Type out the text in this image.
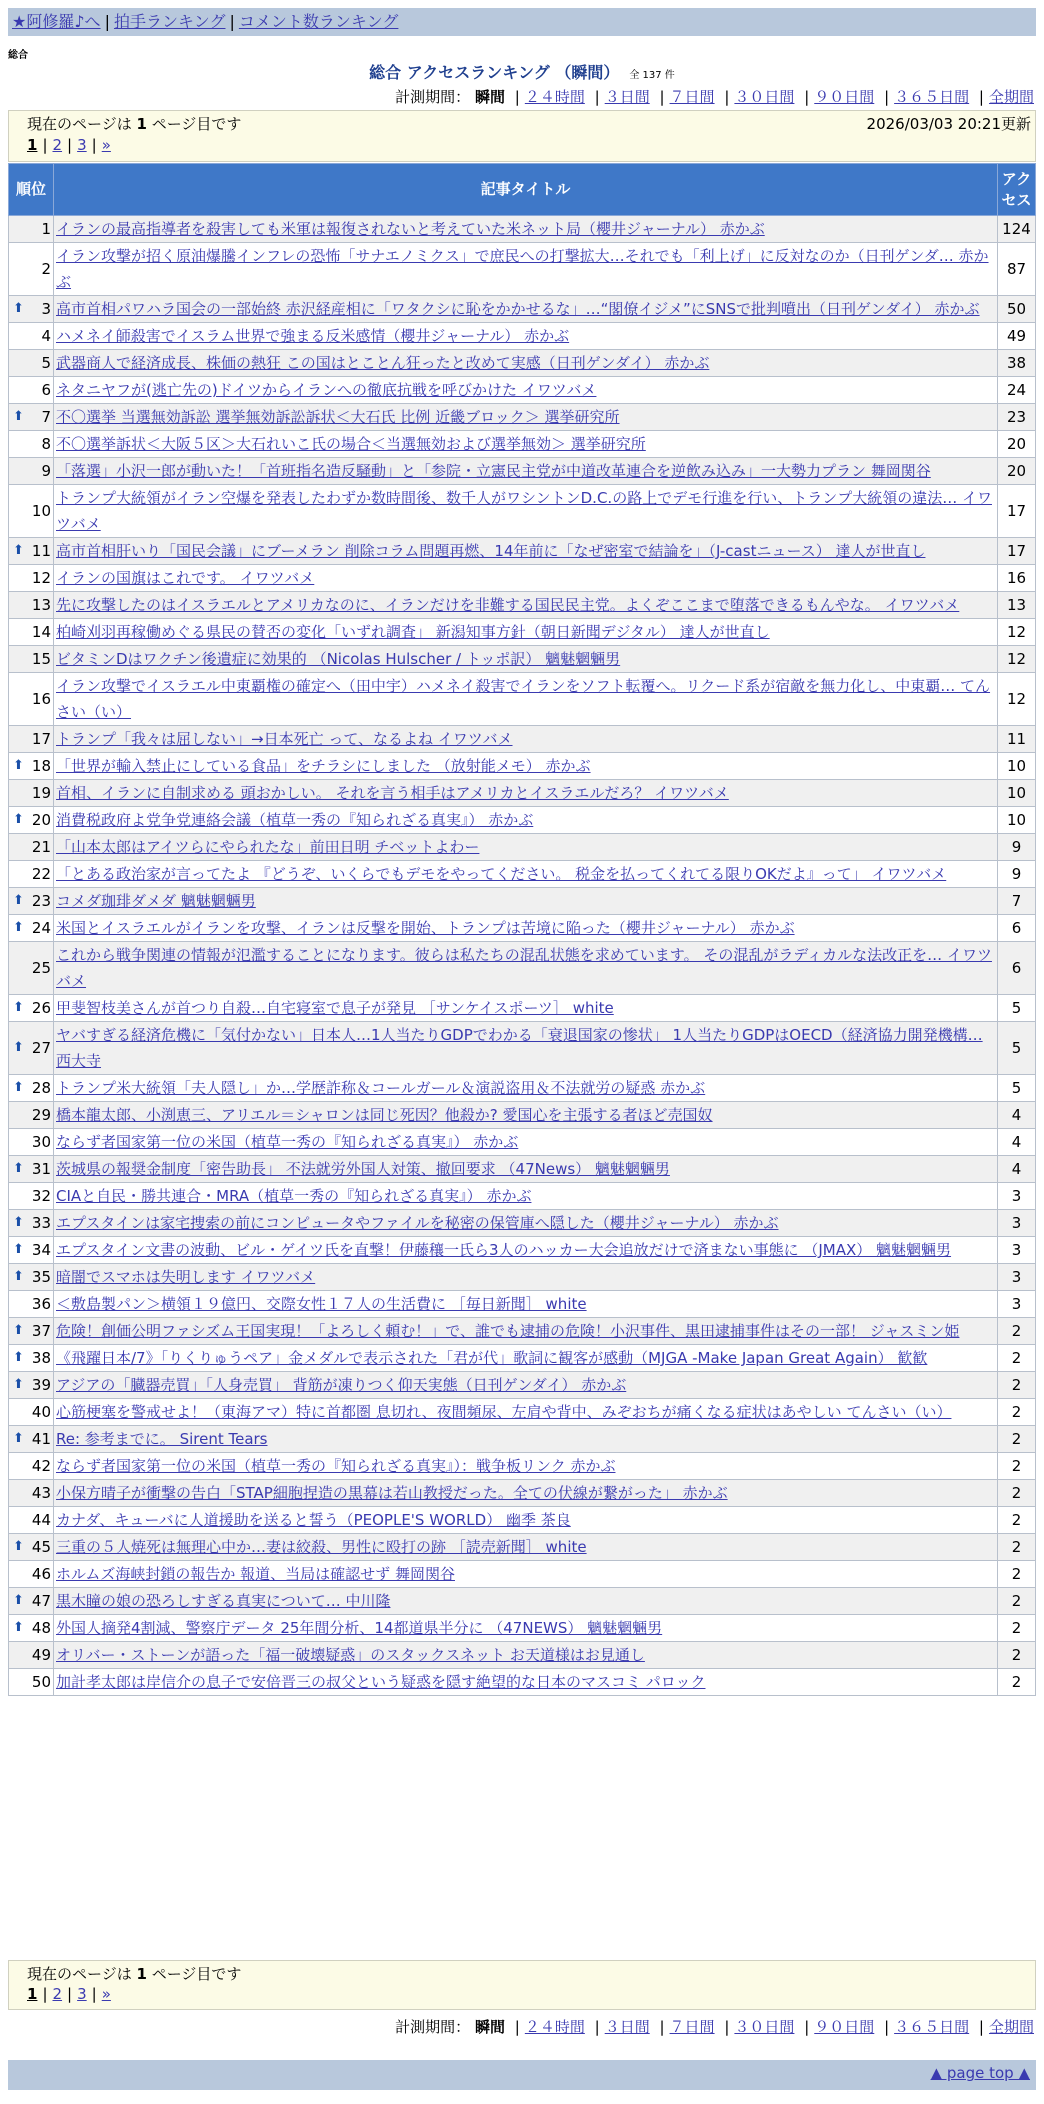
★阿修羅♪へ | 拍手ランキング | コメント数ランキング
総合
総合 アクセスランキング （瞬間） 全 137 件
計測期間： 瞬間 | ２４時間 | ３日間 | ７日間 | ３０日間 | ９０日間 | ３６５日間 | 全期間
現在のページは 1 ページ目です	2026/03/03 20:21更新
1 | 2 | 3 | »
順位	記事タイトル	アクセス
1	イランの最高指導者を殺害しても米軍は報復されないと考えていた米ネット局（櫻井ジャーナル） 赤かぶ	124
2	イラン攻撃が招く原油爆騰インフレの恐怖「サナエノミクス」で庶民への打撃拡大…それでも「利上げ」に反対なのか（日刊ゲンダ… 赤かぶ	87

⬆ 3	高市首相パワハラ国会の一部始終 赤沢経産相に「ワタクシに恥をかかせるな」…“閣僚イジメ”にSNSで批判噴出（日刊ゲンダイ） 赤かぶ	50
4	ハメネイ師殺害でイスラム世界で強まる反米感情（櫻井ジャーナル） 赤かぶ	49
5	武器商人で経済成長、株価の熱狂 この国はとことん狂ったと改めて実感（日刊ゲンダイ） 赤かぶ	38
6	ネタニヤフが(逃亡先の)ドイツからイランへの徹底抗戦を呼びかけた イワツバメ	24

⬆ 7	不〇選挙 当選無効訴訟 選挙無効訴訟訴状＜大石氏 比例 近畿ブロック＞ 選挙研究所	23
8	不〇選挙訴状＜大阪５区＞大石れいこ氏の場合＜当選無効および選挙無効＞ 選挙研究所	20
9	「落選」小沢一郎が動いた！「首班指名造反騒動」と「参院・立憲民主党が中道改革連合を逆飲み込み」一大勢力プラン 舞岡関谷	20
10	トランプ大統領がイラン空爆を発表したわずか数時間後、数千人がワシントンD.C.の路上でデモ行進を行い、トランプ大統領の違法… イワツバメ	17

⬆ 11	高市首相肝いり「国民会議」にブーメラン 削除コラム問題再燃、14年前に「なぜ密室で結論を」（J-castニュース） 達人が世直し	17
12	イランの国旗はこれです。 イワツバメ	16
13	先に攻撃したのはイスラエルとアメリカなのに、イランだけを非難する国民民主党。よくぞここまで堕落できるもんやな。 イワツバメ	13
14	柏崎刈羽再稼働めぐる県民の賛否の変化「いずれ調査」 新潟知事方針（朝日新聞デジタル） 達人が世直し	12
15	ビタミンDはワクチン後遺症に効果的 （Nicolas Hulscher / トッポ訳） 魑魅魍魎男	12
16	イラン攻撃でイスラエル中東覇権の確定へ（田中宇）ハメネイ殺害でイランをソフト転覆へ。リクード系が宿敵を無力化し、中東覇… てんさい（い）	12
17	トランプ「我々は屈しない」→日本死亡 って、なるよね イワツバメ	11

⬆ 18	「世界が輸入禁止にしている食品」をチラシにしました （放射能メモ） 赤かぶ	10
19	首相、イランに自制求める 頭おかしい。 それを言う相手はアメリカとイスラエルだろ？ イワツバメ	10

⬆ 20	消費税政府よ党争党連絡会議（植草一秀の『知られざる真実』） 赤かぶ	10
21	「山本太郎はアイツらにやられたな」前田日明 チベットよわー	9
22	「とある政治家が言ってたよ 『どうぞ、いくらでもデモをやってください。 税金を払ってくれてる限りOKだよ』って」 イワツバメ	9

⬆ 23	コメダ珈琲ダメダ 魑魅魍魎男	7

⬆ 24	米国とイスラエルがイランを攻撃、イランは反撃を開始、トランプは苦境に陥った（櫻井ジャーナル） 赤かぶ	6
25	これから戦争関連の情報が氾濫することになります。彼らは私たちの混乱状態を求めています。 その混乱がラディカルな法改正を… イワツバメ	6

⬆ 26	甲斐智枝美さんが首つり自殺…自宅寝室で息子が発見 ［サンケイスポーツ］ white	5

⬆ 27	ヤバすぎる経済危機に「気付かない」日本人…1人当たりGDPでわかる「衰退国家の惨状」 1人当たりGDPはOECD（経済協力開発機構… 西大寺	5

⬆ 28	トランプ米大統領「夫人隠し」か…学歴詐称＆コールガール＆演説盗用＆不法就労の疑惑 赤かぶ	5
29	橋本龍太郎、小渕恵三、アリエル＝シャロンは同じ死因？他殺か? 愛国心を主張する者ほど売国奴	4
30	ならず者国家第一位の米国（植草一秀の『知られざる真実』） 赤かぶ	4

⬆ 31	茨城県の報奨金制度「密告助長」 不法就労外国人対策、撤回要求 （47News） 魑魅魍魎男	4
32	CIAと自民・勝共連合・MRA（植草一秀の『知られざる真実』） 赤かぶ	3

⬆ 33	エプスタインは家宅捜索の前にコンピュータやファイルを秘密の保管庫へ隠した（櫻井ジャーナル） 赤かぶ	3

⬆ 34	エプスタイン文書の波動、ビル・ゲイツ氏を直撃！伊藤穰一氏ら3人のハッカー大会追放だけで済まない事態に （JMAX） 魑魅魍魎男	3

⬆ 35	暗闇でスマホは失明します イワツバメ	3
36	＜敷島製パン＞横領１９億円、交際女性１７人の生活費に ［毎日新聞］ white	3

⬆ 37	危険！創価公明ファシズム王国実現！「よろしく頼む！」で、誰でも逮捕の危険！小沢事件、黒田逮捕事件はその一部！ ジャスミン姫	2

⬆ 38	《飛躍日本/7》「りくりゅうペア」金メダルで表示された「君が代」歌詞に観客が感動（MJGA -Make Japan Great Again） 歓歓	2

⬆ 39	アジアの「臓器売買」「人身売買」 背筋が凍りつく仰天実態（日刊ゲンダイ） 赤かぶ	2
40	心筋梗塞を警戒せよ！（東海アマ）特に首都圏 息切れ、夜間頻尿、左肩や背中、みぞおちが痛くなる症状はあやしい てんさい（い）	2

⬆ 41	Re: 参考までに。 Sirent Tears	2
42	ならず者国家第一位の米国（植草一秀の『知られざる真実』）：戦争板リンク 赤かぶ	2
43	小保方晴子が衝撃の告白「STAP細胞捏造の黒幕は若山教授だった。全ての伏線が繋がった」 赤かぶ	2
44	カナダ、キューバに人道援助を送ると誓う（PEOPLE'S WORLD） 幽季 茶良	2

⬆ 45	三重の５人焼死は無理心中か…妻は絞殺、男性に殴打の跡 ［読売新聞］ white	2
46	ホルムズ海峡封鎖の報告か 報道、当局は確認せず 舞岡関谷	2

⬆ 47	黒木瞳の娘の恐ろしすぎる真実について… 中川隆	2

⬆ 48	外国人摘発4割減、警察庁データ 25年間分析、14都道県半分に （47NEWS） 魑魅魍魎男	2
49	オリバー・ストーンが語った「福一破壊疑惑」のスタックスネット お天道様はお見通し	2
50	加計孝太郎は岸信介の息子で安倍晋三の叔父という疑惑を隠す絶望的な日本のマスコミ パロック	2
現在のページは 1 ページ目です
1 | 2 | 3 | »
計測期間： 瞬間 | ２４時間 | ３日間 | ７日間 | ３０日間 | ９０日間 | ３６５日間 | 全期間
▲ page top ▲
